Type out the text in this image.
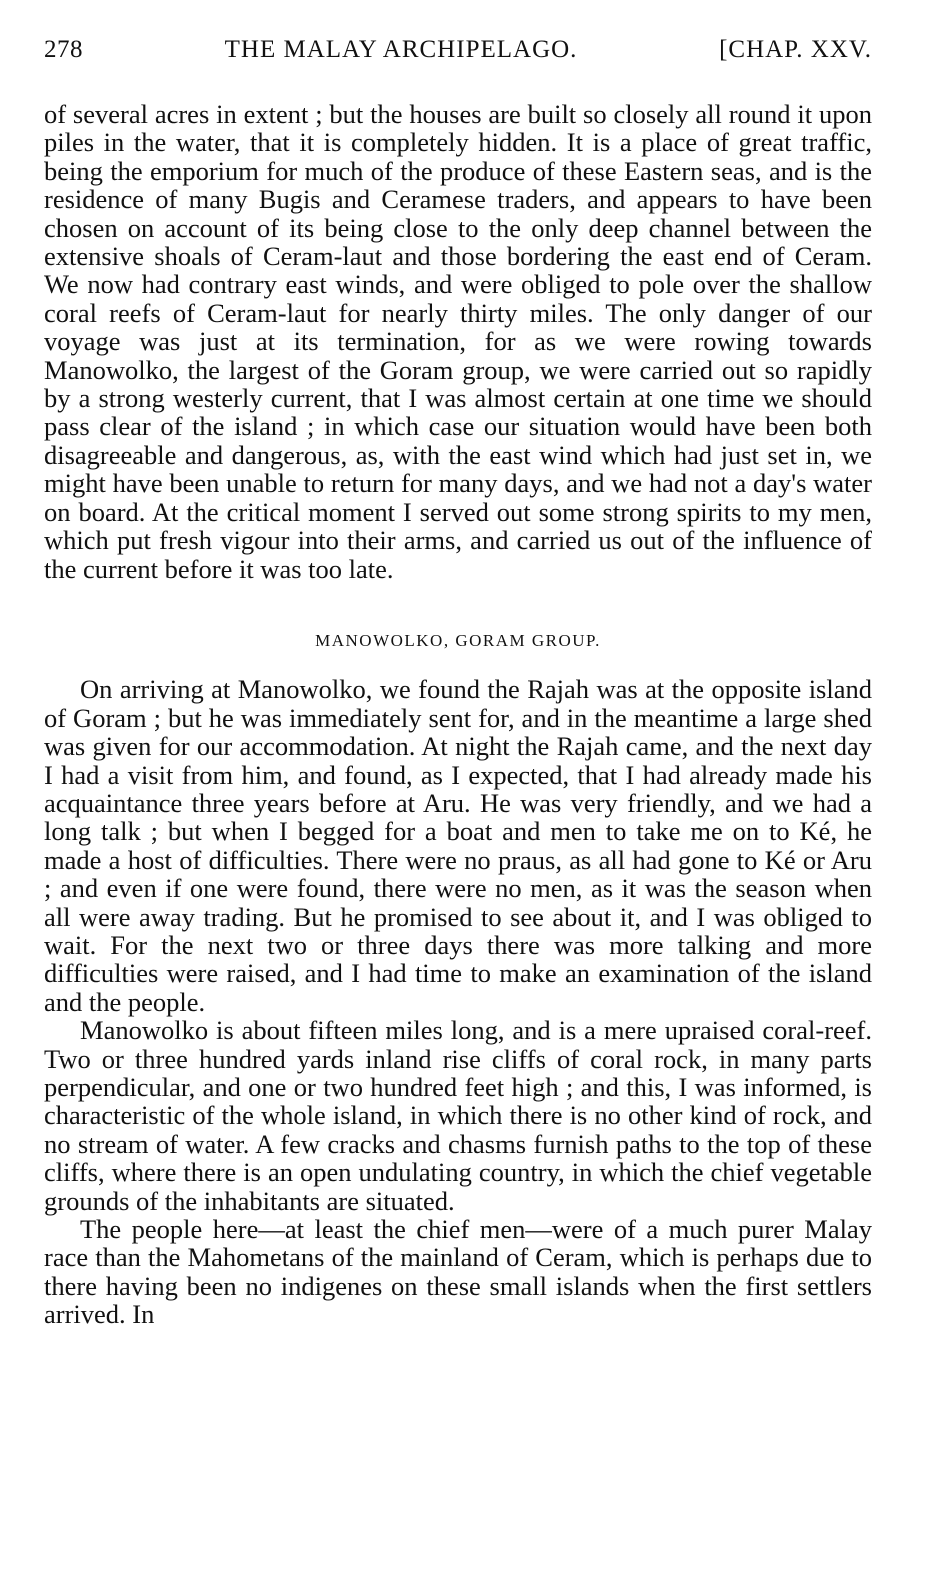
278	THE MALAY ARCHIPELAGO.	[CHAP. XXV.

of several acres in extent ; but the houses are built so closely all round it upon piles in the water, that it is completely hidden. It is a place of great traffic, being the emporium for much of the produce of these Eastern seas, and is the residence of many Bugis and Ceramese traders, and appears to have been chosen on account of its being close to the only deep channel between the extensive shoals of Ceram-laut and those bordering the east end of Ceram. We now had contrary east winds, and were obliged to pole over the shallow coral reefs of Ceram-laut for nearly thirty miles. The only danger of our voyage was just at its termination, for as we were rowing towards Manowolko, the largest of the Goram group, we were carried out so rapidly by a strong westerly current, that I was almost certain at one time we should pass clear of the island ; in which case our situation would have been both disagreeable and dangerous, as, with the east wind which had just set in, we might have been unable to return for many days, and we had not a day's water on board. At the critical moment I served out some strong spirits to my men, which put fresh vigour into their arms, and carried us out of the influence of the current before it was too late.

MANOWOLKO, GORAM GROUP.

On arriving at Manowolko, we found the Rajah was at the opposite island of Goram ; but he was immediately sent for, and in the meantime a large shed was given for our accommodation. At night the Rajah came, and the next day I had a visit from him, and found, as I expected, that I had already made his acquaintance three years before at Aru. He was very friendly, and we had a long talk ; but when I begged for a boat and men to take me on to Ké, he made a host of difficulties. There were no praus, as all had gone to Ké or Aru ; and even if one were found, there were no men, as it was the season when all were away trading. But he promised to see about it, and I was obliged to wait. For the next two or three days there was more talking and more difficulties were raised, and I had time to make an examination of the island and the people.

Manowolko is about fifteen miles long, and is a mere upraised coral-reef. Two or three hundred yards inland rise cliffs of coral rock, in many parts perpendicular, and one or two hundred feet high ; and this, I was informed, is characteristic of the whole island, in which there is no other kind of rock, and no stream of water. A few cracks and chasms furnish paths to the top of these cliffs, where there is an open undulating country, in which the chief vegetable grounds of the inhabitants are situated.

The people here—at least the chief men—were of a much purer Malay race than the Mahometans of the mainland of Ceram, which is perhaps due to there having been no indigenes on these small islands when the first settlers arrived. In
